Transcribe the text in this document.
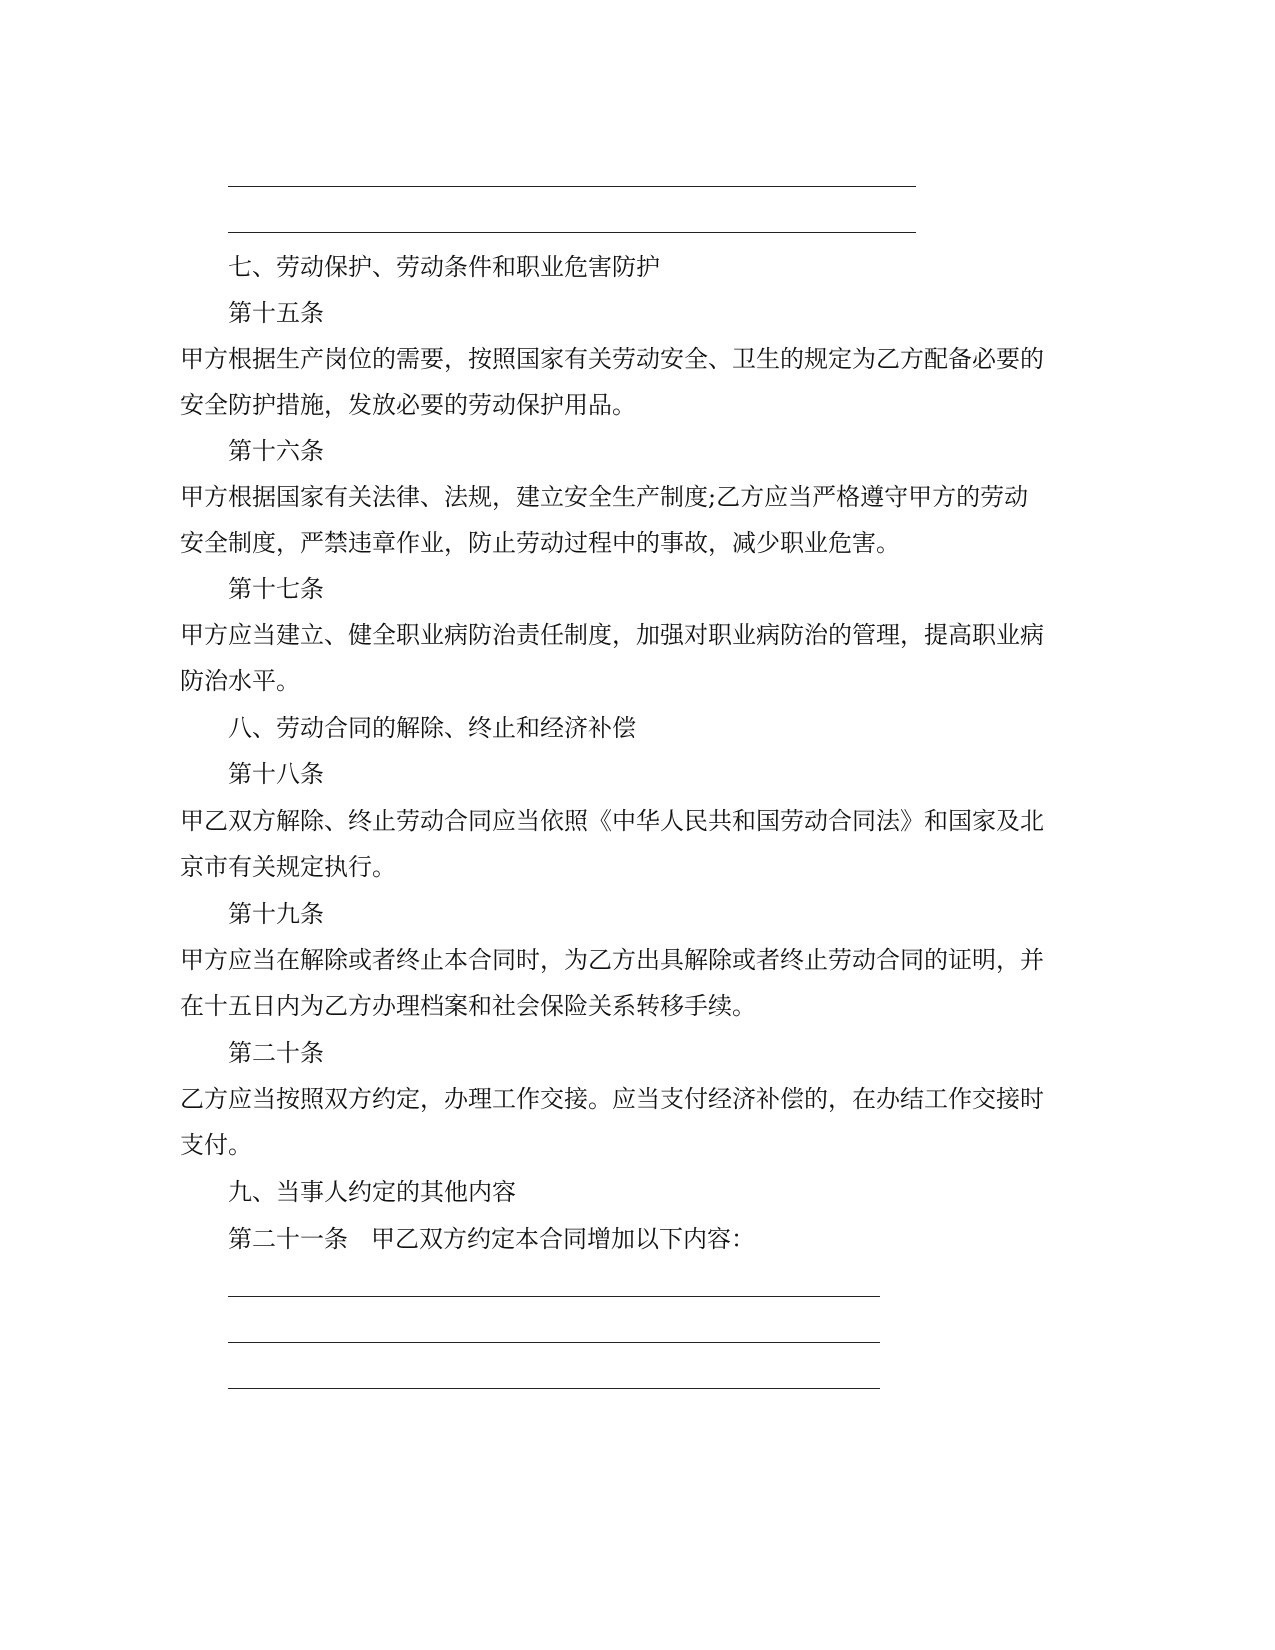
七、劳动保护、劳动条件和职业危害防护
第十五条
甲方根据生产岗位的需要，按照国家有关劳动安全、卫生的规定为乙方配备必要的
安全防护措施，发放必要的劳动保护用品。
第十六条
甲方根据国家有关法律、法规，建立安全生产制度;乙方应当严格遵守甲方的劳动
安全制度，严禁违章作业，防止劳动过程中的事故，减少职业危害。
第十七条
甲方应当建立、健全职业病防治责任制度，加强对职业病防治的管理，提高职业病
防治水平。
八、劳动合同的解除、终止和经济补偿
第十八条
甲乙双方解除、终止劳动合同应当依照《中华人民共和国劳动合同法》和国家及北
京市有关规定执行。
第十九条
甲方应当在解除或者终止本合同时，为乙方出具解除或者终止劳动合同的证明，并
在十五日内为乙方办理档案和社会保险关系转移手续。
第二十条
乙方应当按照双方约定，办理工作交接。应当支付经济补偿的，在办结工作交接时
支付。
九、当事人约定的其他内容
第二十一条 甲乙双方约定本合同增加以下内容：
